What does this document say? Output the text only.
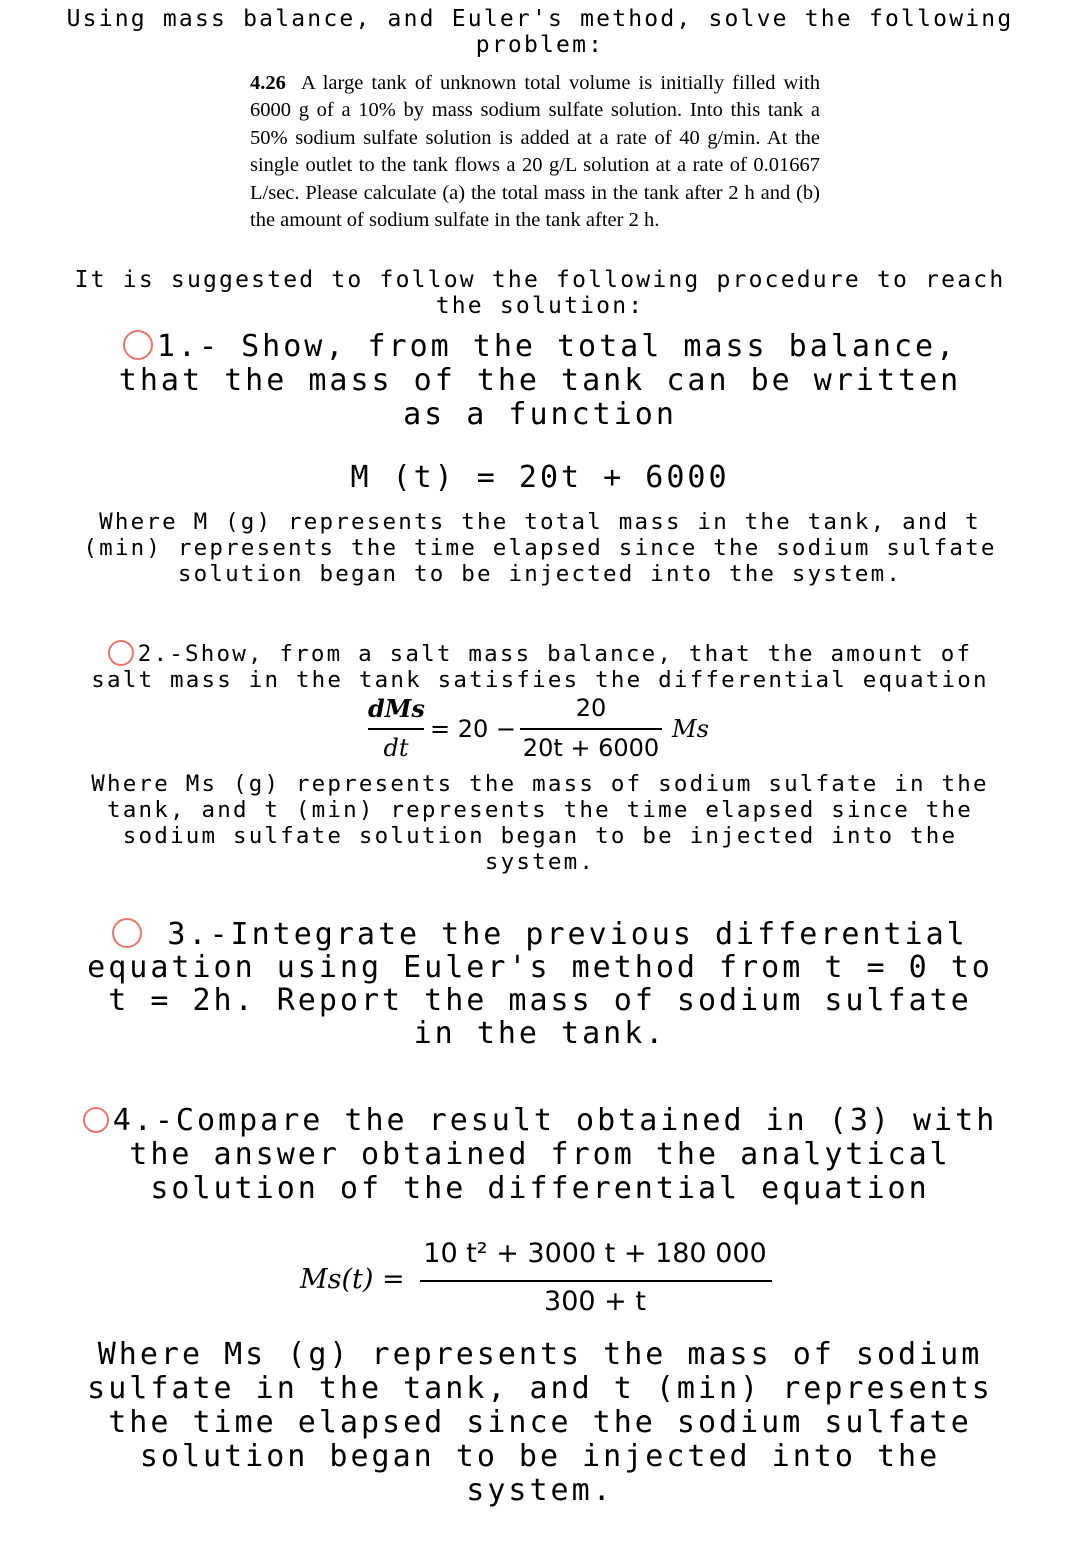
Using mass balance, and Euler's method, solve the following
problem:
4.26 A large tank of unknown total volume is initially filled with 6000 g of a 10% by mass sodium sulfate solution. Into this tank a 50% sodium sulfate solution is added at a rate of 40 g/min. At the single outlet to the tank flows a 20 g/L solution at a rate of 0.01667 L/sec. Please calculate (a) the total mass in the tank after 2 h and (b) the amount of sodium sulfate in the tank after 2 h.
It is suggested to follow the following procedure to reach
the solution:
1.- Show, from the total mass balance,
that the mass of the tank can be written
as a function
M (t) = 20t + 6000
Where M (g) represents the total mass in the tank, and t
(min) represents the time elapsed since the sodium sulfate
solution began to be injected into the system.
2.-Show, from a salt mass balance, that the amount of
salt mass in the tank satisfies the differential equation
dMs
dt
= 20 −
20
20t + 6000
Ms
Where Ms (g) represents the mass of sodium sulfate in the
tank, and t (min) represents the time elapsed since the
sodium sulfate solution began to be injected into the
system.
3.-Integrate the previous differential
equation using Euler's method from t = 0 to
t = 2h. Report the mass of sodium sulfate
in the tank.
4.-Compare the result obtained in (3) with
the answer obtained from the analytical
solution of the differential equation
Ms(t) =
10 t² + 3000 t + 180 000
300 + t
Where Ms (g) represents the mass of sodium
sulfate in the tank, and t (min) represents
the time elapsed since the sodium sulfate
solution began to be injected into the
system.
